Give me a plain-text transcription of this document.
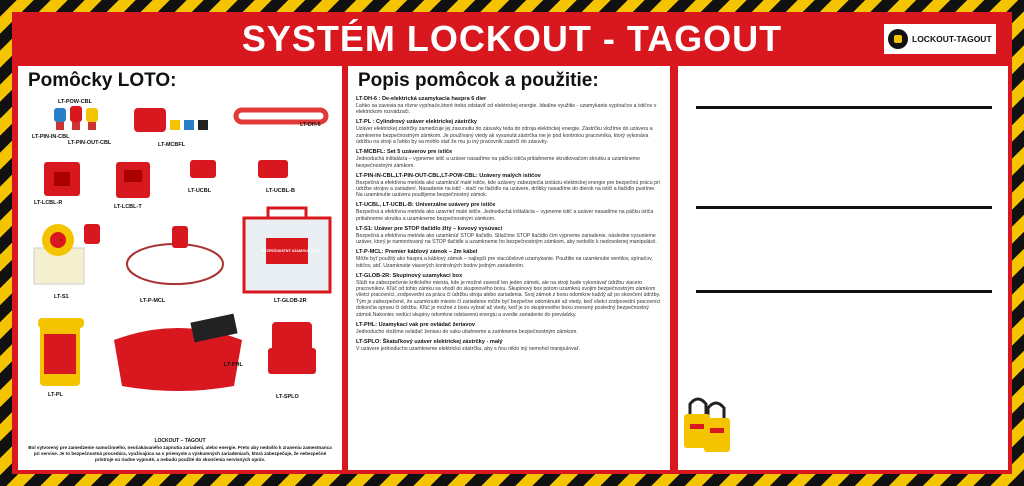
SYSTÉM LOCKOUT - TAGOUT	LOCKOUT-TAGOUT
Pomôcky LOTO:
LT-POW-CBL
LT-PIN-IN-CBL
LT-PIN-OUT-CBL	LT-MCBFL
LT-DH-6
LT-LCBL-R
LT-LCBL-T
LT-UCBL	LT-UCBL-B
LT-S1
LT-P-MCL
BEZPEČNOSTNÝ UZAMYKACÍ BOX
LT-GLOB-2R
LT-PL
LT-PHL
LT-SPLO
LOCKOUT – TAGOUT
Bol vytvorený pre zamedzenie samočinného, neočakávaného zapnutia zariadení, alebo energie. Preto aby nedošlo k zraneniu zamestnanca pri servise. Je to bezpečnostná procedúra, využívajúca sa v priemysle a výskumných zariadeniach, ktorá zabezpečuje, že nebezpečné prístroje sú riadne vypnuté, a nebudú použité do skončenia servisných opráv.
Popis pomôcok a použitie:
LT-DH-6 : De-elektrická uzamykacia haspra 6 dier
Ľahko sa zavesia na rôzne vypínače,ktoré treba odstaviť od elektrickej energie. Ideálne využitie - uzamykanie vypínačov a ističov v elektrickom rozvádzači.
LT-PL : Cylindrový uzáver elektrickej zástrčky
Uzáver elektrickej zástrčky zamedzuje jej zasunutiu do zásuvky teda do zdroja elektrickej energie. Zástrčku vložíme do uzáveru a zamkneme bezpečnostným zámkom. Je používaný vtedy ak vysunutá zástrčka nie je pod kontrolou pracovníka, ktorý vykonáva údržbu na stroji a ľahko by sa mohlo stať že mu ju iný pracovník zastrčí do zásuvky.
LT-MCBFL: Set 5 uzáverov pre ističe
Jednoduchá inštalácia – vypneme istič a uzáver nasadíme na páčku ističa pritiahneme skrutkovačom skrutku a uzamkneme bezpečnostným zámkom.
LT-PIN-IN-CBL,LT-PIN-OUT-CBL,LT-POW-CBL: Uzávery malých ističov
Bezpečná a efektívna metóda ako uzamknúť malé ističe, kde uzávery zabezpečia izoláciu elektrickej energie pre bezpečnú prácu pri údržbe strojov a zariadení. Nasadenie na istič - stačí ne tlačidlo na uzávere, drôtiky nasadíme do dierok na ističi a tlačidlo pustíme. Na uzamknutie uzáveru použijeme bezpečnostný zámok.
LT-UCBL, LT-UCBL-B: Univerzálne uzávery pre ističe
Bezpečná a efektívna metóda ako uzavrieť malé ističe. Jednoduchá inštalácia – vypneme istič a uzáver nasadíme na páčku ističa pritiahneme skrutku a uzamkneme bezpečnostným zámkom.
LT-S1: Uzáver pre STOP tlačidlo žltý – kovový vysúvací
Bezpečná a efektívna metóda ako uzamknúť STOP tlačidlo. Stlačíme STOP tlačidlo čím vypneme zariadenie, následne vysunieme uzáver, ktorý je namontovaný na STOP tlačidle a uzamkneme ho bezpečnostným zámkom, aby nedošlo k nedovolenej manipulácii.
LT-P-MCL: Premier káblový zámok – 2m kábel
Môže byť použitý ako haspra a káblový zámok – najlepší pre viacúčelové uzamykanie. Použitie na uzamknutie ventilov, spínačov, ističov, atď. Uzamknutie viacerých kontrolných bodov jedným zariadením.
LT-GLOB-2R: Skupinový uzamykací box
Slúži na zabezpečenie kritického miesta, kde je možné zavesiť len jeden zámok, ale na stroji bude vykonávať údržbu viacero pracovníkov. Kľúč od tohto zámku sa vhodí do skupinového boxu. Skupinový box potom uzamknú svojim bezpečnostným zámkom všetci pracovníci, zodpovední za prácu či údržbu stroja alebo zariadenia. Svoj zámok z boxu odomkne každý až po skončení údržby. Tým je zabezpečené, že uzamknuté miesto či zariadenie môže byť bezpečne odomknuté až vtedy, keď všetci zodpovední pracovníci dokončia opravu či údržbu. Kľúč je možné z boxu vybrať až vtedy, keď je zo skupinového boxu zvesený posledný bezpečnostný zámok.Nakoniec vedúci skupiny odomkne odstavenú energiu a uvedie zariadenie do prevádzky.
LT-PHL: Uzamykací vak pre ovládač žeriavov
Jednoducho vložíme ovládač žeriavu do vaku utiahneme a zamkneme bezpečnostným zámkom.
LT-SPLO: Škatuľkový uzáver elektrickej zástrčky - malý
V uzávere jednoducho uzamkneme elektrickú zástrčku, aby s ňou nikto iný nemohol manipulovať.
